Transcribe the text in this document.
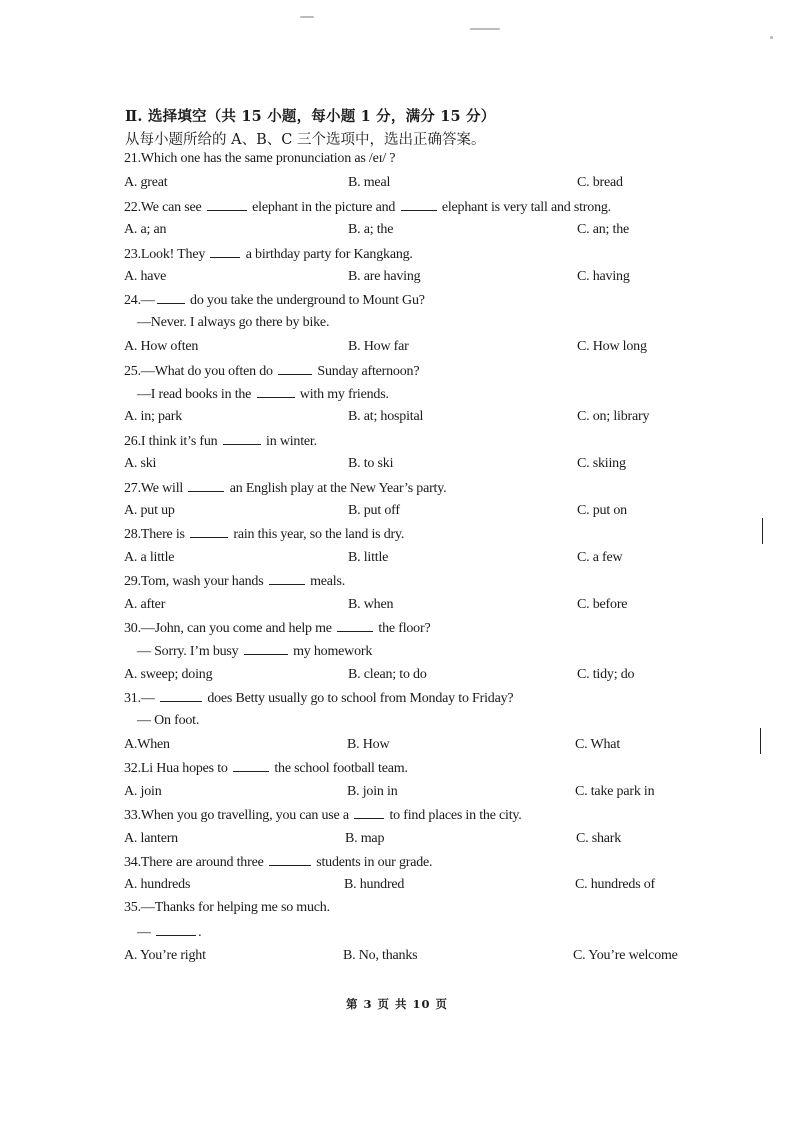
Ⅱ. 选择填空（共 15 小题，每小题 1 分，满分 15 分）
从每小题所给的 A、B、C 三个选项中，选出正确答案。
21.Which one has the same pronunciation as /eɪ/ ?
A. great	B. meal	C. bread
22.We can see	elephant in the picture and	elephant is very tall and strong.
A. a; an	B. a; the	C. an; the
23.Look! They  a birthday party for Kangkang.
A. have	B. are having	C. having
24.— do you take the underground to Mount Gu?
—Never. I always go there by bike.
A. How often	B. How far	C. How long
25.—What do you often do	Sunday afternoon?
—I read books in the	with my friends.
A. in; park	B. at; hospital	C. on; library
26.I think it’s fun	in winter.
A. ski	B. to ski	C. skiing
27.We will	an English play at the New Year’s party.
A. put up	B. put off	C. put on
28.There is	rain this year, so the land is dry.
A. a little	B. little	C. a few
29.Tom, wash your hands	meals.
A. after	B. when	C. before
30.—John, can you come and help me	the floor?
— Sorry. I’m busy	my homework
A. sweep; doing	B. clean; to do	C. tidy; do
31.—	does Betty usually go to school from Monday to Friday?
— On foot.
A.When	B. How	C. What
32.Li Hua hopes to	the school football team.
A. join	B. join in	C. take park in
33.When you go travelling, you can use a  to find places in the city.
A. lantern	B. map	C. shark
34.There are around three	students in our grade.
A. hundreds	B. hundred	C. hundreds of
35.—Thanks for helping me so much.
—	.
A. You’re right	B. No, thanks	C. You’re welcome
第 3 页 共 10 页
